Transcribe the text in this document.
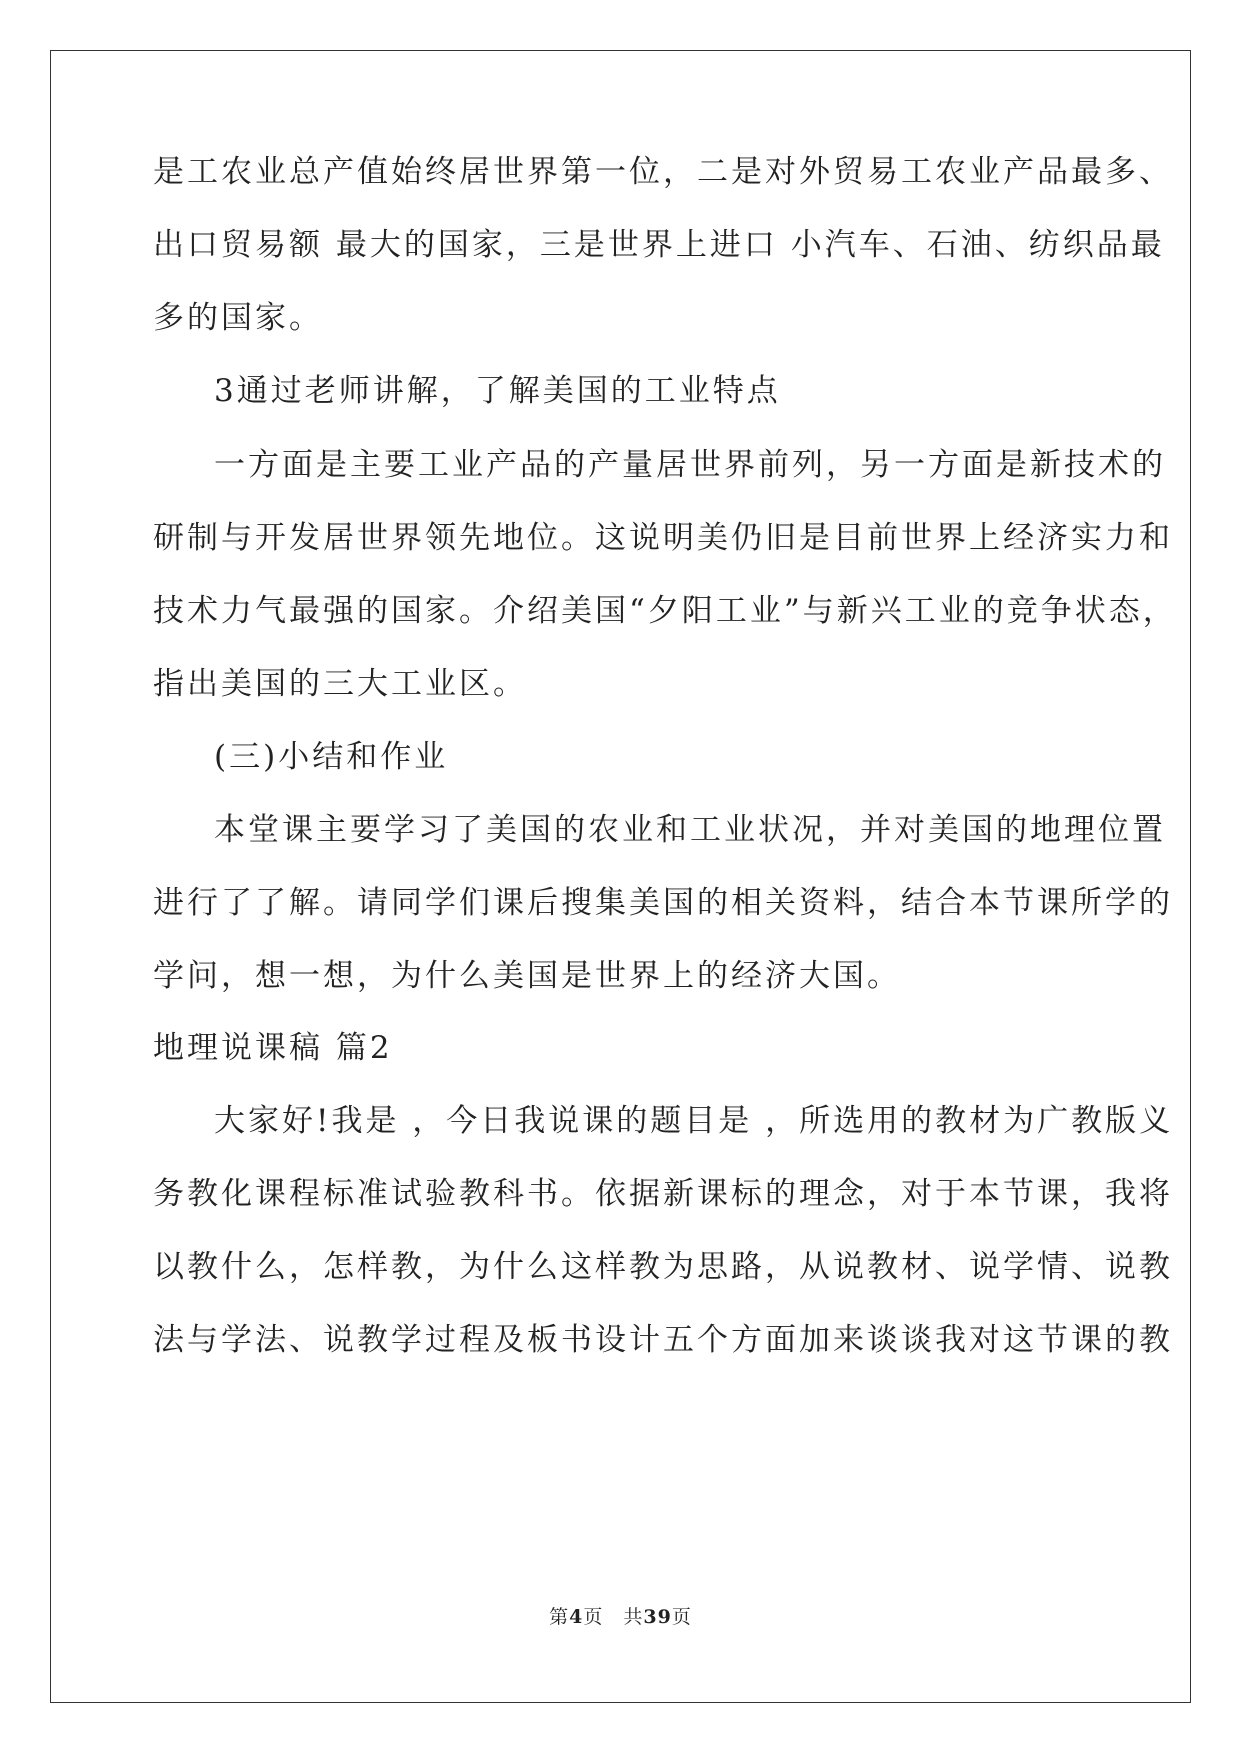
是工农业总产值始终居世界第一位，二是对外贸易工农业产品最多、
出口贸易额 最大的国家，三是世界上进口 小汽车、石油、纺织品最
多的国家。
3通过老师讲解，了解美国的工业特点
一方面是主要工业产品的产量居世界前列，另一方面是新技术的
研制与开发居世界领先地位。这说明美仍旧是目前世界上经济实力和
技术力气最强的国家。介绍美国“夕阳工业”与新兴工业的竞争状态，
指出美国的三大工业区。
(三)小结和作业
本堂课主要学习了美国的农业和工业状况，并对美国的地理位置
进行了了解。请同学们课后搜集美国的相关资料，结合本节课所学的
学问，想一想，为什么美国是世界上的经济大国。
地理说课稿 篇2
大家好!我是 ，今日我说课的题目是 ，所选用的教材为广教版义
务教化课程标准试验教科书。依据新课标的理念，对于本节课，我将
以教什么，怎样教，为什么这样教为思路，从说教材、说学情、说教
法与学法、说教学过程及板书设计五个方面加来谈谈我对这节课的教
第4页　共39页
